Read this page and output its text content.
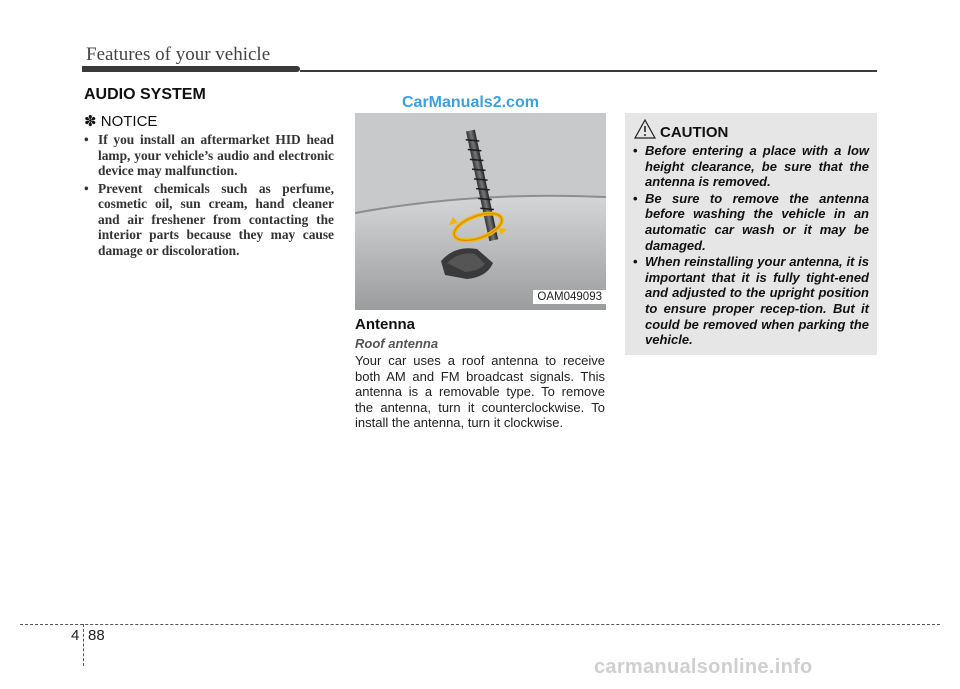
Features of your vehicle
AUDIO SYSTEM
✽ NOTICE
• If you install an aftermarket HID head lamp, your vehicle’s audio and electronic device may malfunction.
• Prevent chemicals such as perfume, cosmetic oil, sun cream, hand cleaner and air freshener from contacting the interior parts because they may cause damage or discoloration.
CarManuals2.com
OAM049093
Antenna
Roof antenna
Your car uses a roof antenna to receive both AM and FM broadcast signals. This antenna is a removable type. To remove the antenna, turn it counterclockwise. To install the antenna, turn it clockwise.
CAUTION
• Before entering a place with a low height clearance, be sure that the antenna is removed.
• Be sure to remove the antenna before washing the vehicle in an automatic car wash or it may be damaged.
• When reinstalling your antenna, it is important that it is fully tight-ened and adjusted to the upright position to ensure proper recep-tion. But it could be removed when parking the vehicle.
4 88
carmanualsonline.info
